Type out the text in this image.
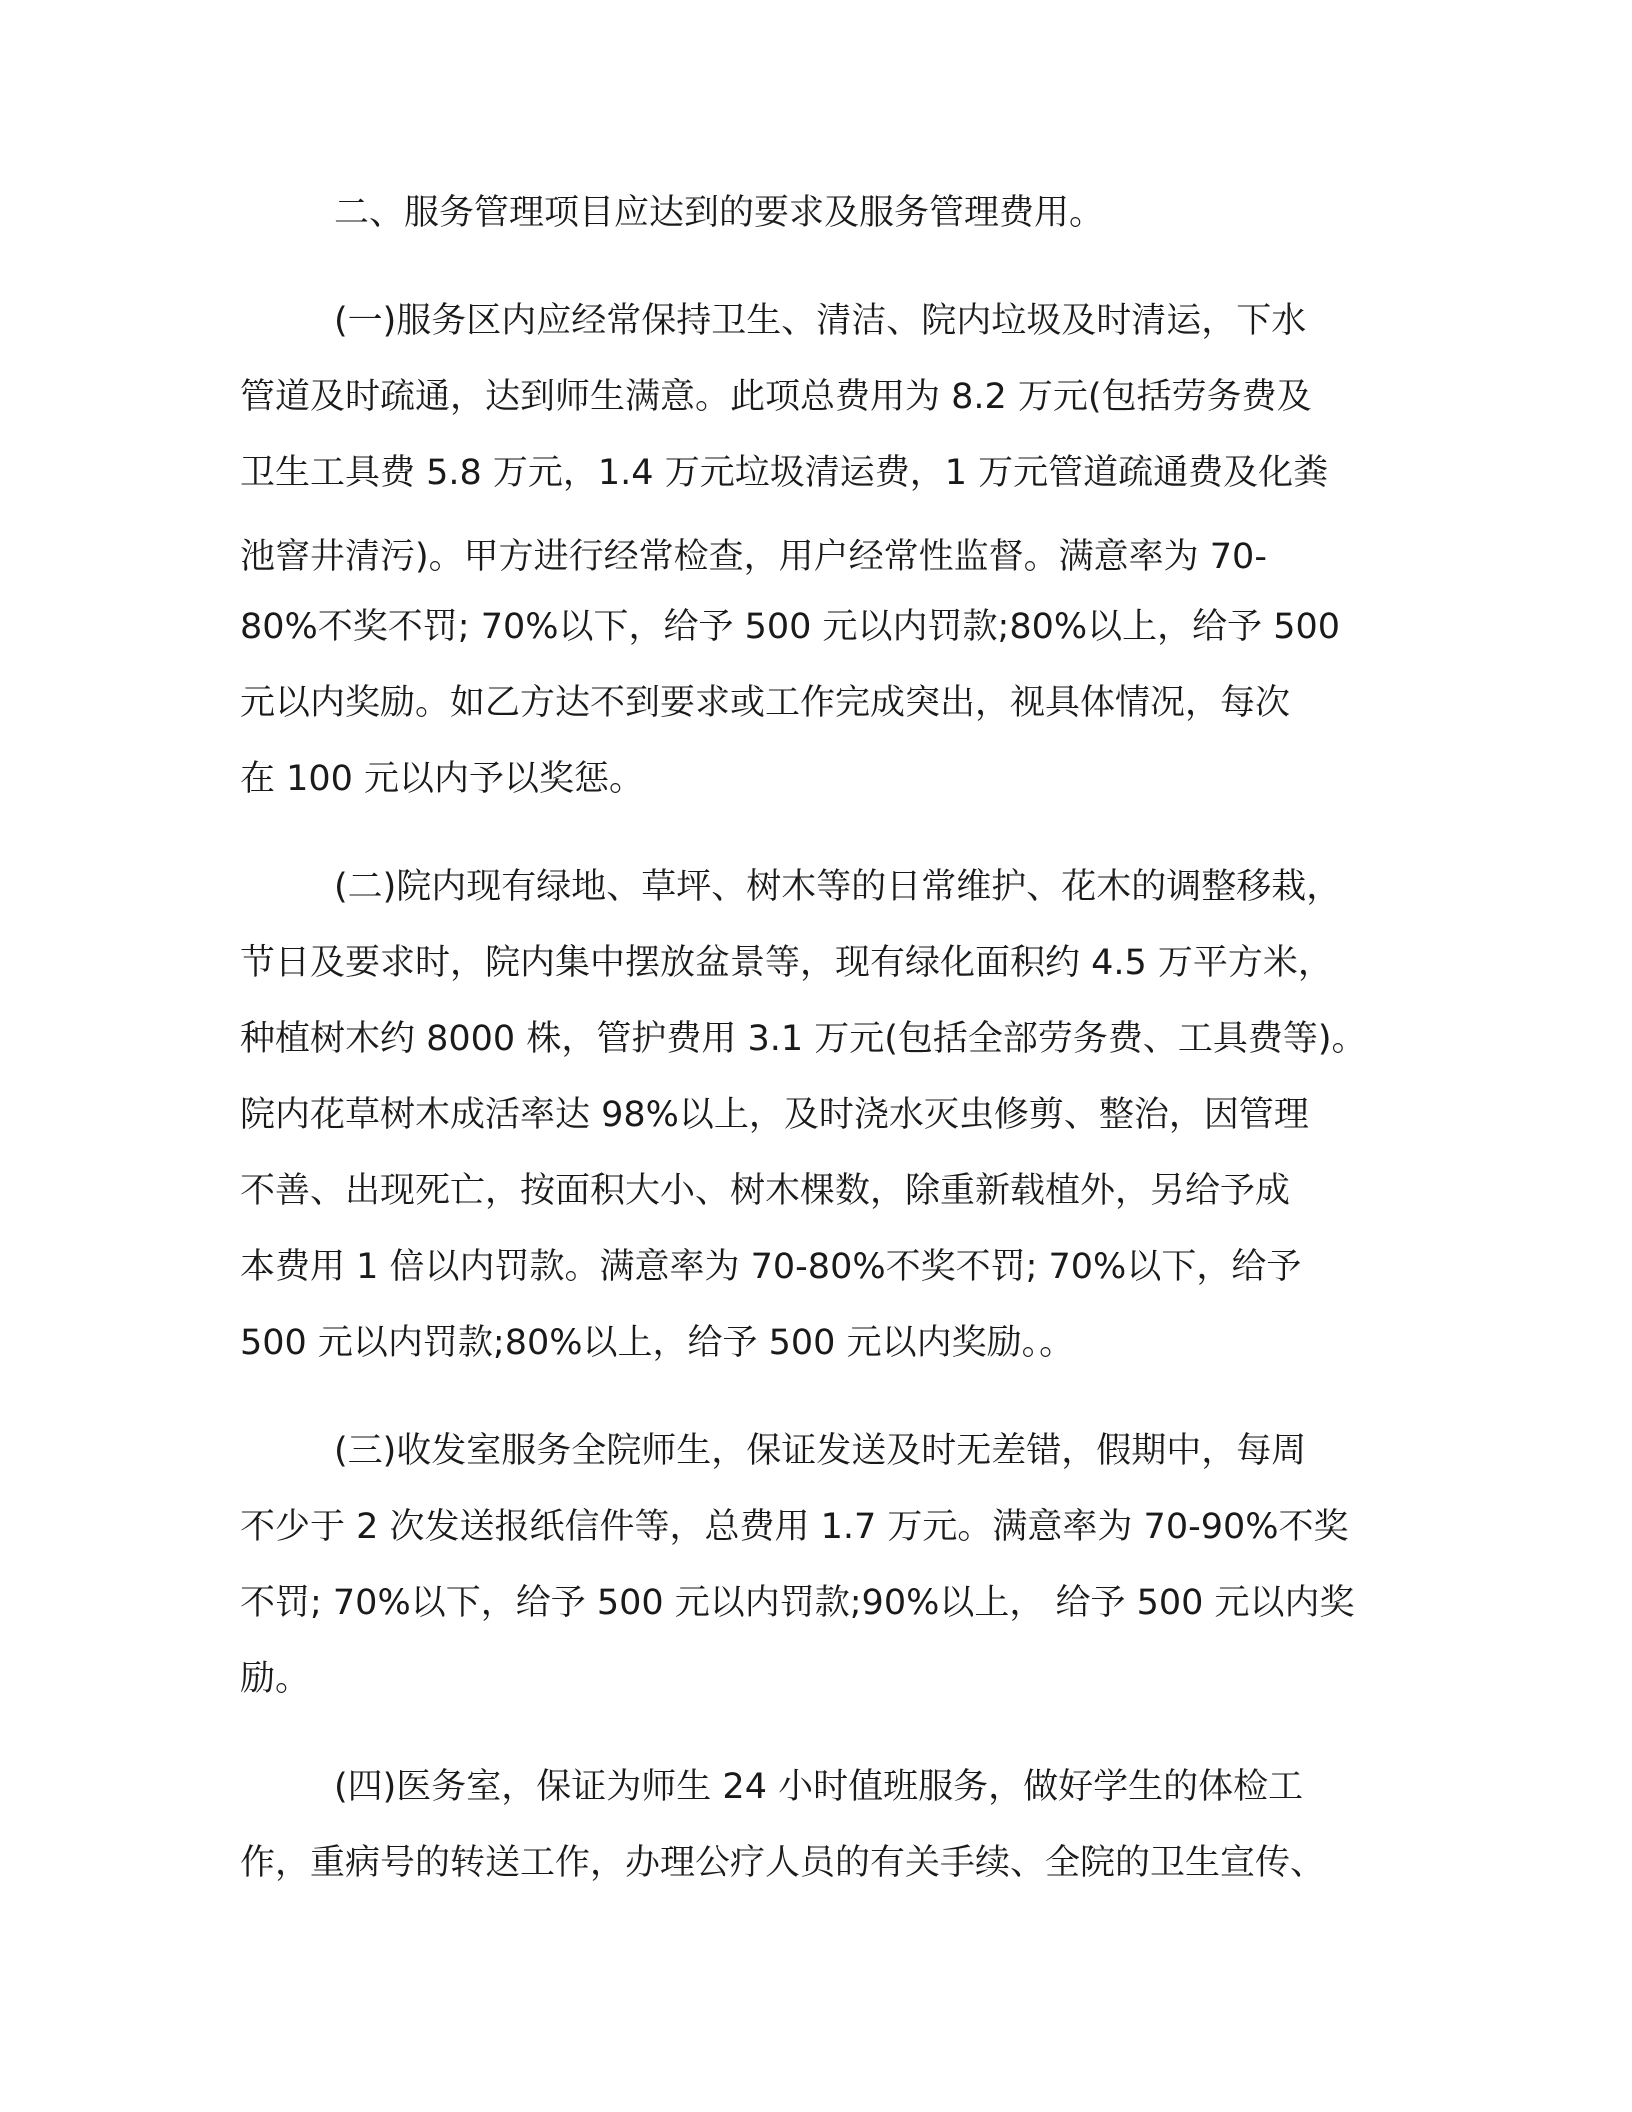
二、服务管理项目应达到的要求及服务管理费用。
(一)服务区内应经常保持卫生、清洁、院内垃圾及时清运，下水
管道及时疏通，达到师生满意。此项总费用为 8.2 万元(包括劳务费及
卫生工具费 5.8 万元，1.4 万元垃圾清运费，1 万元管道疏通费及化粪
池窨井清污)。甲方进行经常检查，用户经常性监督。满意率为 70-
80%不奖不罚; 70%以下，给予 500 元以内罚款;80%以上，给予 500
元以内奖励。如乙方达不到要求或工作完成突出，视具体情况，每次
在 100 元以内予以奖惩。
(二)院内现有绿地、草坪、树木等的日常维护、花木的调整移栽，
节日及要求时，院内集中摆放盆景等，现有绿化面积约 4.5 万平方米，
种植树木约 8000 株，管护费用 3.1 万元(包括全部劳务费、工具费等)。
院内花草树木成活率达 98%以上，及时浇水灭虫修剪、整治，因管理
不善、出现死亡，按面积大小、树木棵数，除重新载植外，另给予成
本费用 1 倍以内罚款。满意率为 70-80%不奖不罚; 70%以下，给予
500 元以内罚款;80%以上，给予 500 元以内奖励。。
(三)收发室服务全院师生，保证发送及时无差错，假期中，每周
不少于 2 次发送报纸信件等，总费用 1.7 万元。满意率为 70-90%不奖
不罚; 70%以下，给予 500 元以内罚款;90%以上， 给予 500 元以内奖
励。
(四)医务室，保证为师生 24 小时值班服务，做好学生的体检工
作，重病号的转送工作，办理公疗人员的有关手续、全院的卫生宣传、
